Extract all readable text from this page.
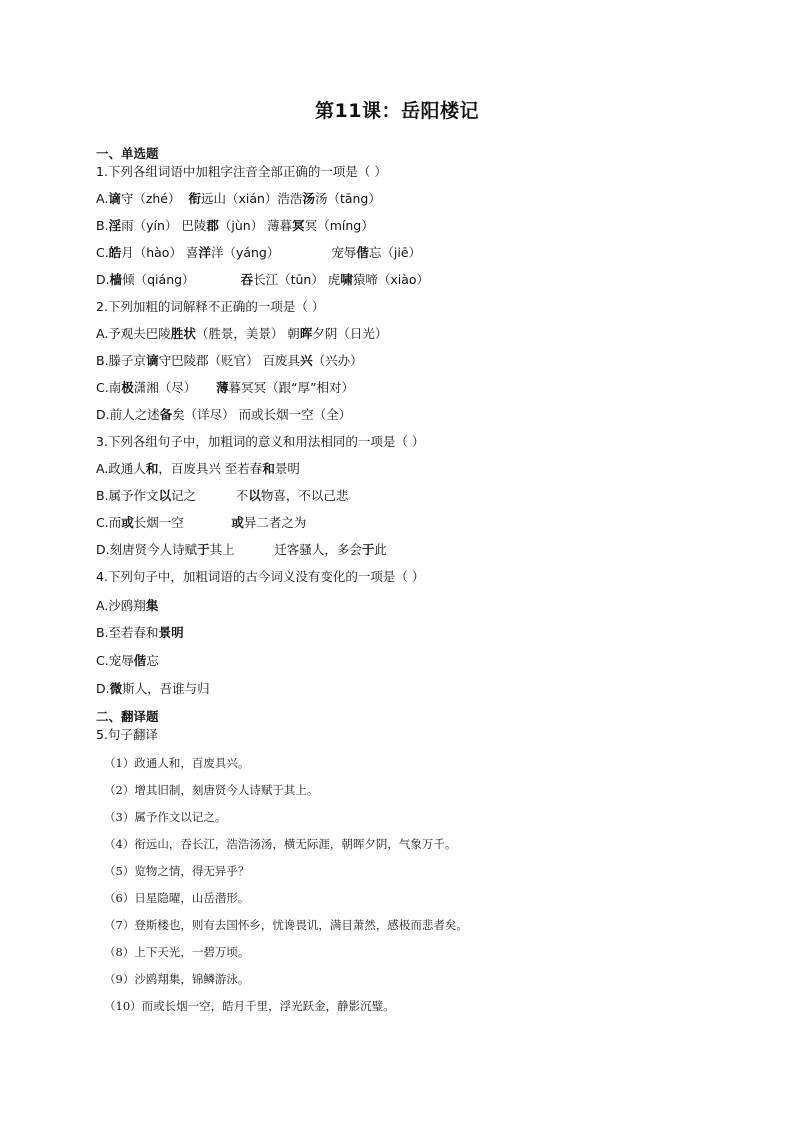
第11课：岳阳楼记
一、单选题
1.下列各组词语中加粗字注音全部正确的一项是（ ）
A.谪守（zhé） 衔远山（xián）浩浩汤汤（tāng）
B.淫雨（yín） 巴陵郡（jùn） 薄暮冥冥（míng）
C.皓月（hào） 喜洋洋（yáng）	宠辱偕忘（jiē）
D.樯倾（qiáng）	吞长江（tūn） 虎啸猿啼（xiào）
2.下列加粗的词解释不正确的一项是（ ）
A.予观夫巴陵胜状（胜景，美景） 朝晖夕阴（日光）
B.滕子京谪守巴陵郡（贬官） 百废具兴（兴办）
C.南极潇湘（尽）     薄暮冥冥（跟“厚”相对）
D.前人之述备矣（详尽） 而或长烟一空（全）
3.下列各组句子中，加粗词的意义和用法相同的一项是（ ）
A.政通人和，百废具兴 至若春和景明
B.属予作文以记之          不以物喜，不以己悲
C.而或长烟一空            或异二者之为
D.刻唐贤今人诗赋于其上          迁客骚人，多会于此
4.下列句子中，加粗词语的古今词义没有变化的一项是（ ）
A.沙鸥翔集
B.至若春和景明
C.宠辱偕忘
D.微斯人，吾谁与归
二、翻译题
5.句子翻译
（1）政通人和，百废具兴。
（2）增其旧制，刻唐贤今人诗赋于其上。
（3）属予作文以记之。
（4）衔远山，吞长江，浩浩汤汤，横无际涯，朝晖夕阴，气象万千。
（5）览物之情，得无异乎？
（6）日星隐曜，山岳潜形。
（7）登斯楼也，则有去国怀乡，忧谗畏讥，满目萧然，感极而悲者矣。
（8）上下天光，一碧万顷。
（9）沙鸥翔集，锦鳞游泳。
（10）而或长烟一空，皓月千里，浮光跃金，静影沉璧。
